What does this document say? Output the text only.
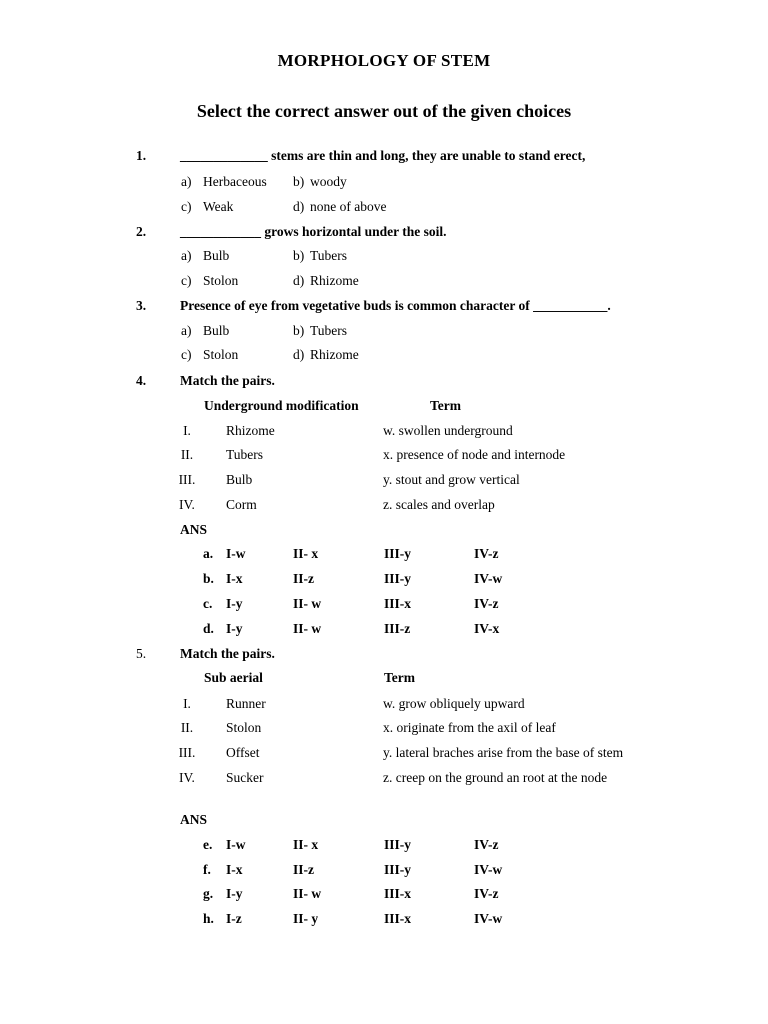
MORPHOLOGY OF STEM
Select the correct answer out of the given choices
1.	_____________ stems are thin and long, they are unable to stand erect,
a) Herbaceous b) woody
c) Weak	d) none of above
2.	____________ grows horizontal under the soil.
a) Bulb	b) Tubers
c) Stolon	d) Rhizome
3.	Presence of eye from vegetative buds is common character of ___________.
a) Bulb	b) Tubers
c) Stolon	d) Rhizome
4.	Match the pairs.
Underground modification	Term
I.	Rhizome	w. swollen underground
II.	Tubers	x. presence of node and internode
III.	Bulb	y. stout and grow vertical
IV.	Corm	z. scales and overlap
ANS
a. I-w	II- x	III-y	IV-z
b. I-x	II-z	III-y	IV-w
c. I-y	II- w	III-x	IV-z
d. I-y	II- w	III-z	IV-x
5.	Match the pairs.
Sub aerial	Term
I.	Runner	w. grow obliquely upward
II.	Stolon	x. originate from the axil of leaf
III.	Offset	y. lateral braches arise from the base of stem
IV.	Sucker	z. creep on the ground an root at the node
ANS
e. I-w	II- x	III-y	IV-z
f. I-x	II-z	III-y	IV-w
g. I-y	II- w	III-x	IV-z
h. I-z	II- y	III-x	IV-w
